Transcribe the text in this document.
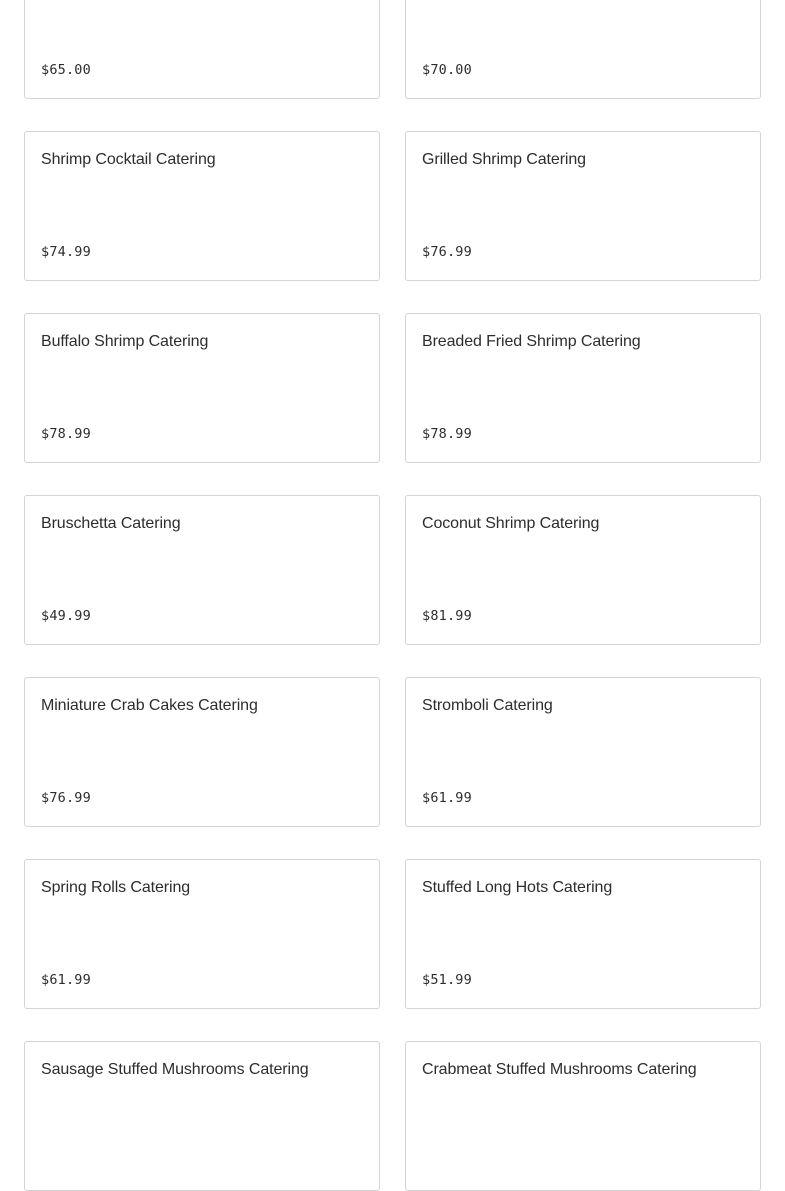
$65.00	$70.00
Shrimp Cocktail Catering
$74.99
Grilled Shrimp Catering
$76.99
Buffalo Shrimp Catering
$78.99
Breaded Fried Shrimp Catering
$78.99
Bruschetta Catering
$49.99
Coconut Shrimp Catering
$81.99
Miniature Crab Cakes Catering
$76.99
Stromboli Catering
$61.99
Spring Rolls Catering
$61.99
Stuffed Long Hots Catering
$51.99
Sausage Stuffed Mushrooms Catering	Crabmeat Stuffed Mushrooms Catering
